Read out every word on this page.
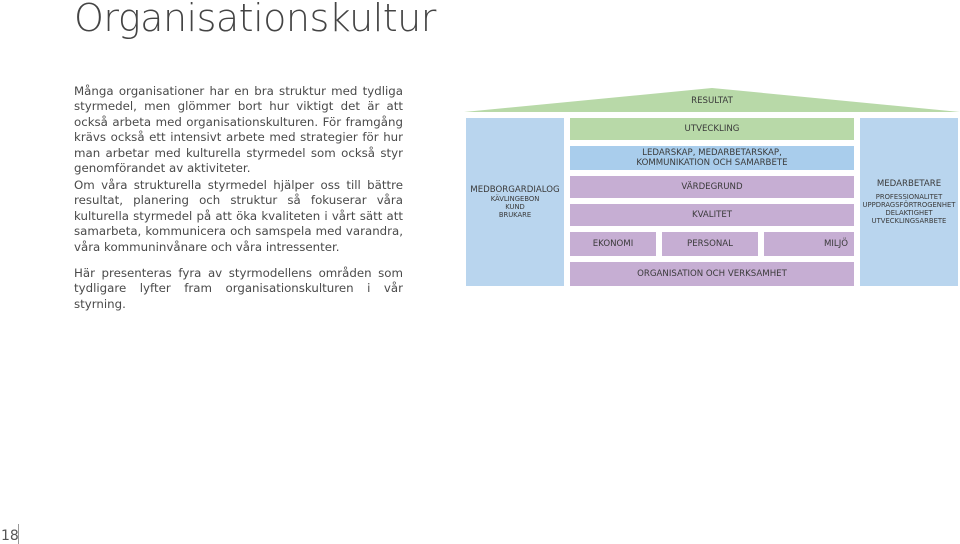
Organisationskultur
Många organisationer har en bra struktur med tydliga styrmedel, men glömmer bort hur viktigt det är att också arbeta med organisationskulturen. För framgång krävs också ett intensivt arbete med strategier för hur man arbetar med kulturella styrmedel som också styr genomförandet av aktiviteter.
Om våra strukturella styrmedel hjälper oss till bättre resultat, planering och struktur så fokuserar våra kulturella styrmedel på att öka kvaliteten i vårt sätt att samarbeta, kommunicera och samspela med varandra, våra kommuninvånare och våra intressenter.
Här presenteras fyra av styrmodellens områden som tydligare lyfter fram organisationskulturen i vår styrning.
18
RESULTAT
MEDBORGARDIALOG
KÄVLINGEBON
KUND
BRUKARE
MEDARBETARE
PROFESSIONALITET
UPPDRAGSFÖRTROGENHET
DELAKTIGHET
UTVECKLINGSARBETE
UTVECKLING
LEDARSKAP, MEDARBETARSKAP,
KOMMUNIKATION OCH SAMARBETE
VÄRDEGRUND
KVALITET
EKONOMI	PERSONAL	MILJÖ
ORGANISATION OCH VERKSAMHET
